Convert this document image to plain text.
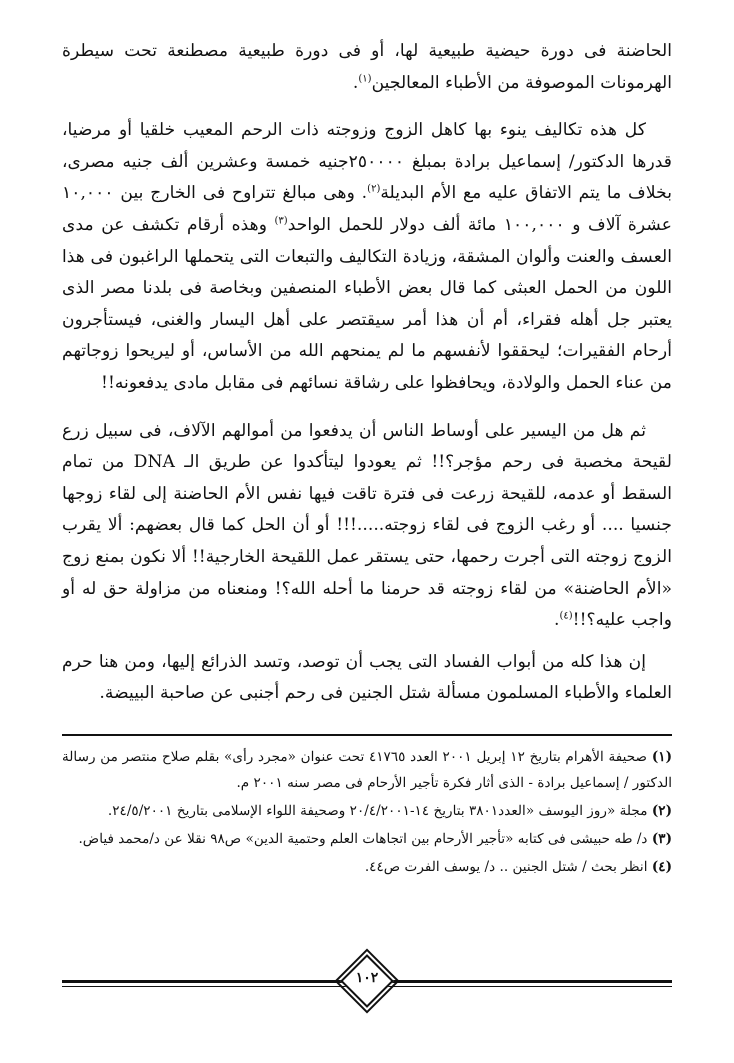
الحاضنة فى دورة حيضية طبيعية لها، أو فى دورة طبيعية مصطنعة تحت سيطرة الهرمونات الموصوفة من الأطباء المعالجين$^{(١)}$.

كل هذه تكاليف ينوء بها كاهل الزوج وزوجته ذات الرحم المعيب خلقيا أو مرضيا، قدرها الدكتور/ إسماعيل برادة بمبلغ ٢٥٠٠٠٠جنيه خمسة وعشرين ألف جنيه مصرى، بخلاف ما يتم الاتفاق عليه مع الأم البديلة$^{(٢)}$. وهى مبالغ تتراوح فى الخارج بين ١٠,٠٠٠ عشرة آلاف و ١٠٠,٠٠٠ مائة ألف دولار للحمل الواحد$^{(٣)}$ وهذه أرقام تكشف عن مدى العسف والعنت وألوان المشقة، وزيادة التكاليف والتبعات التى يتحملها الراغبون فى هذا اللون من الحمل العبثى كما قال بعض الأطباء المنصفين وبخاصة فى بلدنا مصر الذى يعتبر جل أهله فقراء، أم أن هذا أمر سيقتصر على أهل اليسار والغنى، فيستأجرون أرحام الفقيرات؛ ليحققوا لأنفسهم ما لم يمنحهم الله من الأساس، أو ليريحوا زوجاتهم من عناء الحمل والولادة، ويحافظوا على رشاقة نسائهم فى مقابل مادى يدفعونه!!

ثم هل من اليسير على أوساط الناس أن يدفعوا من أموالهم الآلاف، فى سبيل زرع لقيحة مخصبة فى رحم مؤجر؟!! ثم يعودوا ليتأكدوا عن طريق الـ DNA من تمام السقط أو عدمه، للقيحة زرعت فى فترة تاقت فيها نفس الأم الحاضنة إلى لقاء زوجها جنسيا .... أو رغب الزوج فى لقاء زوجته.....!!! أو أن الحل كما قال بعضهم: ألا يقرب الزوج زوجته التى أجرت رحمها، حتى يستقر عمل اللقيحة الخارجية!! ألا نكون بمنع زوج «الأم الحاضنة» من لقاء زوجته قد حرمنا ما أحله الله؟! ومنعناه من مزاولة حق له أو واجب عليه؟!!$^{(٤)}$.

إن هذا كله من أبواب الفساد التى يجب أن توصد، وتسد الذرائع إليها، ومن هنا حرم العلماء والأطباء المسلمون مسألة شتل الجنين فى رحم أجنبى عن صاحبة البييضة.

(١) صحيفة الأهرام بتاريخ ١٢ إبريل ٢٠٠١ العدد ٤١٧٦٥ تحت عنوان «مجرد رأى» بقلم صلاح منتصر من رسالة الدكتور / إسماعيل برادة - الذى أثار فكرة تأجير الأرحام فى مصر سنه ٢٠٠١ م.

(٢) مجلة «روز اليوسف «العدد٣٨٠١ بتاريخ ١٤-٢٠/٤/٢٠٠١ وصحيفة اللواء الإسلامى بتاريخ ٢٤/٥/٢٠٠١.

(٣) د/ طه حبيشى فى كتابه «تأجير الأرحام بين اتجاهات العلم وحتمية الدين» ص٩٨ نقلا عن د/محمد فياض.

(٤) انظر بحث / شتل الجنين .. د/ يوسف الفرت ص٤٤.

١٠٢
